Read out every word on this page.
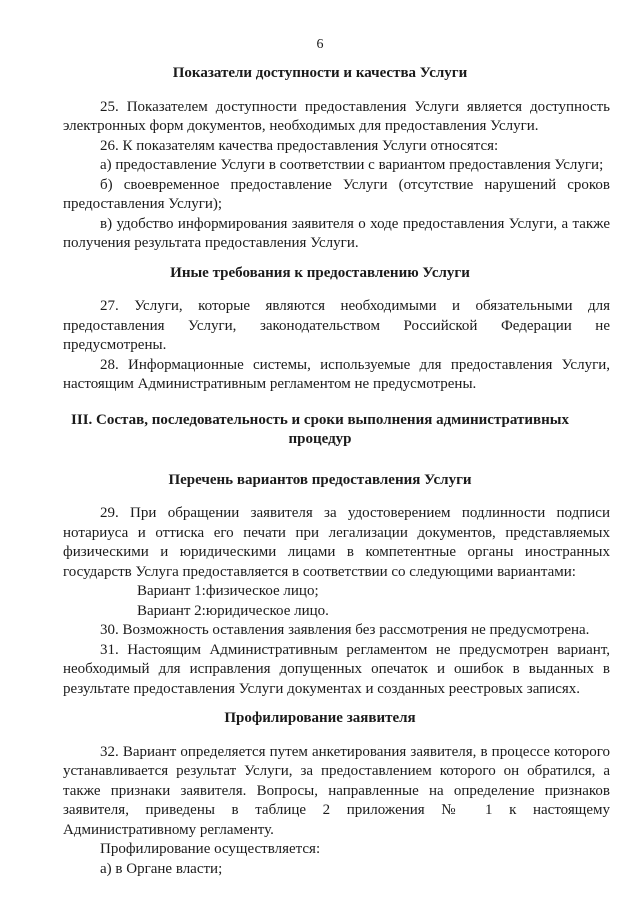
6
Показатели доступности и качества Услуги

25. Показателем доступности предоставления Услуги является доступность электронных форм документов, необходимых для предоставления Услуги.

26. К показателям качества предоставления Услуги относятся:

а) предоставление Услуги в соответствии с вариантом предоставления Услуги;

б) своевременное предоставление Услуги (отсутствие нарушений сроков предоставления Услуги);

в) удобство информирования заявителя о ходе предоставления Услуги, а также получения результата предоставления Услуги.

Иные требования к предоставлению Услуги

27. Услуги, которые являются необходимыми и обязательными для предоставления Услуги, законодательством Российской Федерации не предусмотрены.

28. Информационные системы, используемые для предоставления Услуги, настоящим Административным регламентом не предусмотрены.

III. Состав, последовательность и сроки выполнения административных процедур
Перечень вариантов предоставления Услуги

29. При обращении заявителя за удостоверением подлинности подписи нотариуса и оттиска его печати при легализации документов, представляемых физическими и юридическими лицами в компетентные органы иностранных государств Услуга предоставляется в соответствии со следующими вариантами:

Вариант 1:физическое лицо;
Вариант 2:юридическое лицо.

30. Возможность оставления заявления без рассмотрения не предусмотрена.

31. Настоящим Административным регламентом не предусмотрен вариант, необходимый для исправления допущенных опечаток и ошибок в выданных в результате предоставления Услуги документах и созданных реестровых записях.

Профилирование заявителя

32. Вариант определяется путем анкетирования заявителя, в процессе которого устанавливается результат Услуги, за предоставлением которого он обратился, а также признаки заявителя. Вопросы, направленные на определение признаков заявителя, приведены в таблице 2 приложения № 1 к настоящему Административному регламенту.

Профилирование осуществляется:

а) в Органе власти;
